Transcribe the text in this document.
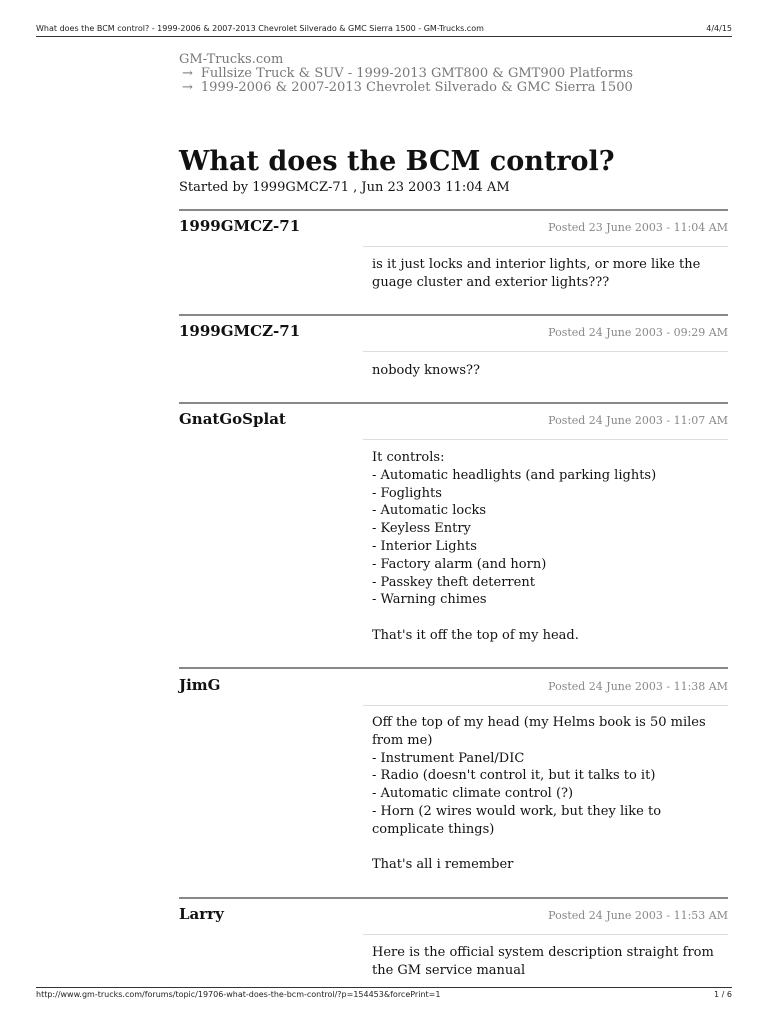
What does the BCM control? - 1999-2006 & 2007-2013 Chevrolet Silverado & GMC Sierra 1500 - GM-Trucks.com	4/4/15
GM-Trucks.com
→ Fullsize Truck & SUV - 1999-2013 GMT800 & GMT900 Platforms
→ 1999-2006 & 2007-2013 Chevrolet Silverado & GMC Sierra 1500
What does the BCM control?
Started by 1999GMCZ-71 , Jun 23 2003 11:04 AM
1999GMCZ-71	Posted 23 June 2003 - 11:04 AM
is it just locks and interior lights, or more like the
guage cluster and exterior lights???
1999GMCZ-71	Posted 24 June 2003 - 09:29 AM
nobody knows??
GnatGoSplat	Posted 24 June 2003 - 11:07 AM
It controls:
- Automatic headlights (and parking lights)
- Foglights
- Automatic locks
- Keyless Entry
- Interior Lights
- Factory alarm (and horn)
- Passkey theft deterrent
- Warning chimes
That's it off the top of my head.
JimG	Posted 24 June 2003 - 11:38 AM
Off the top of my head (my Helms book is 50 miles
from me)
- Instrument Panel/DIC
- Radio (doesn't control it, but it talks to it)
- Automatic climate control (?)
- Horn (2 wires would work, but they like to
complicate things)
That's all i remember
Larry	Posted 24 June 2003 - 11:53 AM
Here is the official system description straight from
the GM service manual
http://www.gm-trucks.com/forums/topic/19706-what-does-the-bcm-control/?p=154453&forcePrint=1	1 / 6
